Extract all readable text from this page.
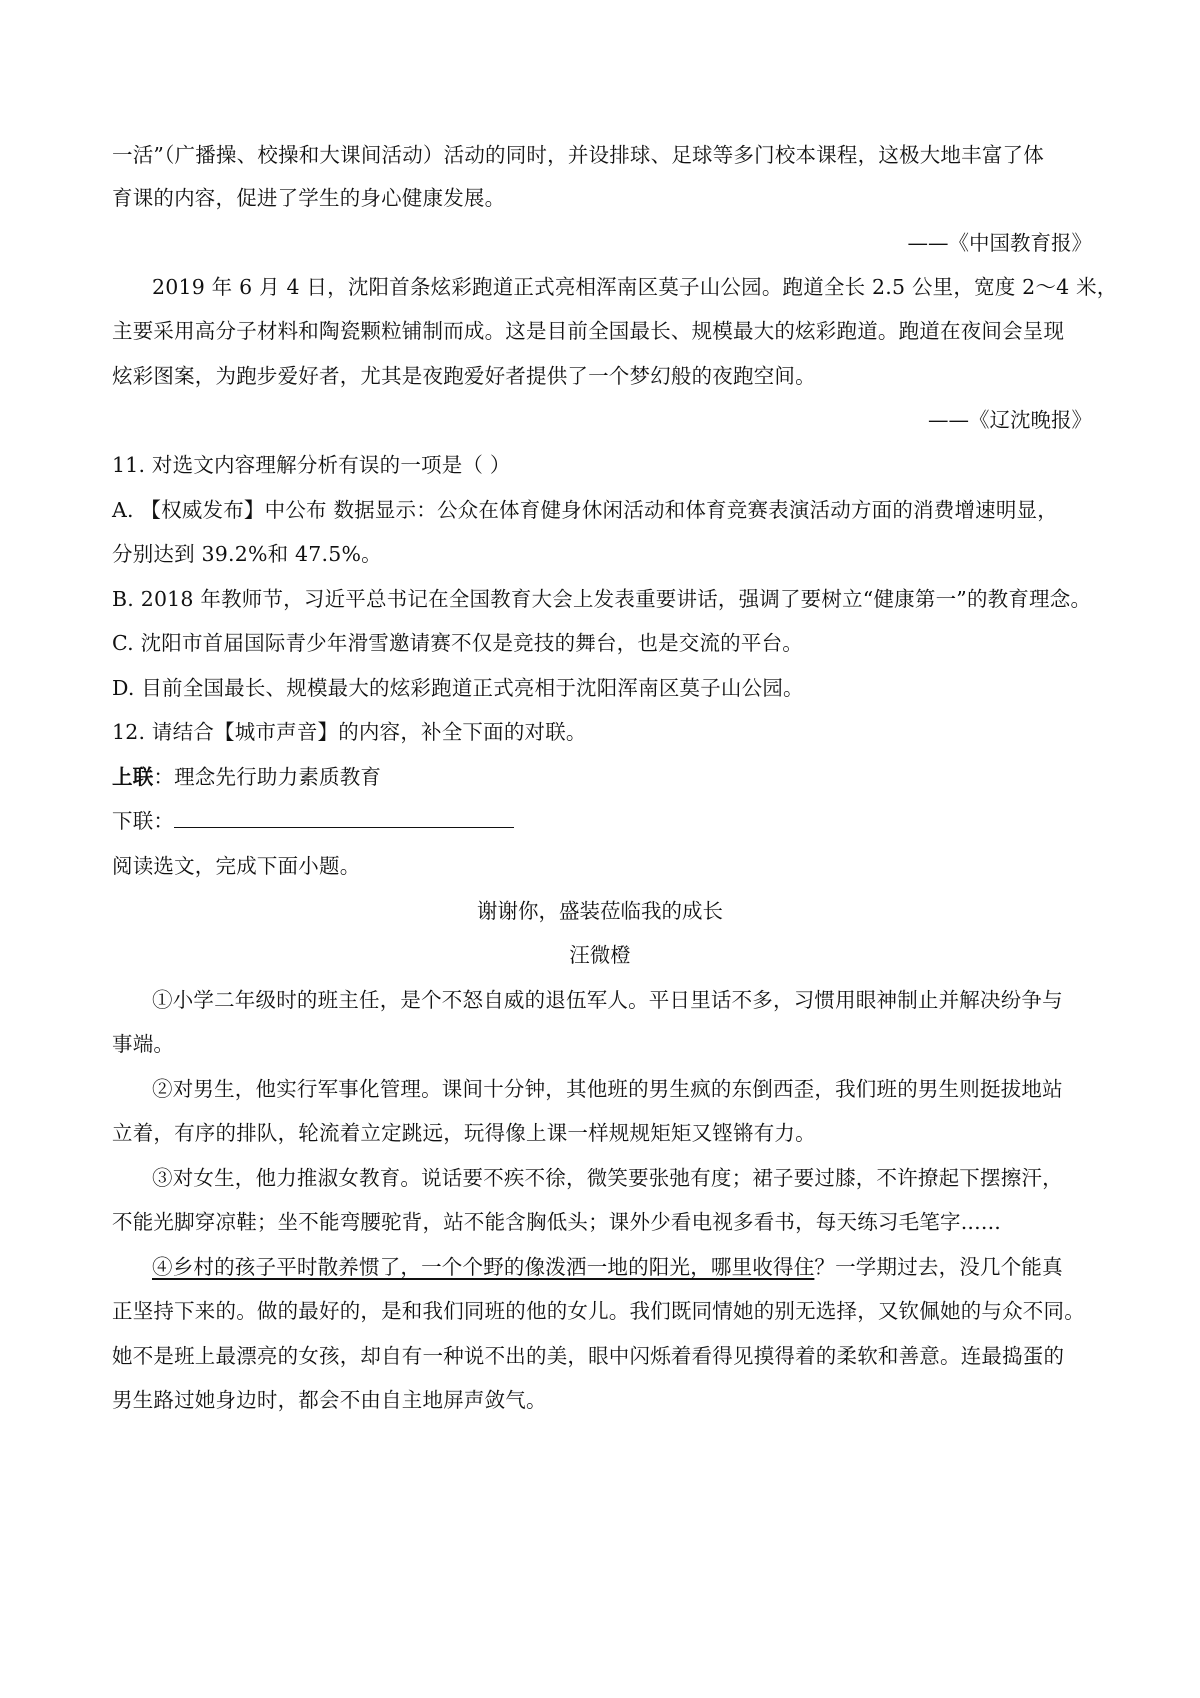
一活”（广播操、校操和大课间活动）活动的同时，并设排球、足球等多门校本课程，这极大地丰富了体
育课的内容，促进了学生的身心健康发展。
——《中国教育报》
2019 年 6 月 4 日，沈阳首条炫彩跑道正式亮相浑南区莫子山公园。跑道全长 2.5 公里，宽度 2～4 米，
主要采用高分子材料和陶瓷颗粒铺制而成。这是目前全国最长、规模最大的炫彩跑道。跑道在夜间会呈现
炫彩图案，为跑步爱好者，尤其是夜跑爱好者提供了一个梦幻般的夜跑空间。
——《辽沈晚报》
11. 对选文内容理解分析有误的一项是（ ）
A. 【权威发布】中公布 数据显示：公众在体育健身休闲活动和体育竞赛表演活动方面的消费增速明显，
分别达到 39.2%和 47.5%。
B. 2018 年教师节，习近平总书记在全国教育大会上发表重要讲话，强调了要树立“健康第一”的教育理念。
C. 沈阳市首届国际青少年滑雪邀请赛不仅是竞技的舞台，也是交流的平台。
D. 目前全国最长、规模最大的炫彩跑道正式亮相于沈阳浑南区莫子山公园。
12. 请结合【城市声音】的内容，补全下面的对联。
上联：理念先行助力素质教育
下联：
阅读选文，完成下面小题。
谢谢你，盛装莅临我的成长
汪微橙
①小学二年级时的班主任，是个不怒自威的退伍军人。平日里话不多，习惯用眼神制止并解决纷争与
事端。
②对男生，他实行军事化管理。课间十分钟，其他班的男生疯的东倒西歪，我们班的男生则挺拔地站
立着，有序的排队，轮流着立定跳远，玩得像上课一样规规矩矩又铿锵有力。
③对女生，他力推淑女教育。说话要不疾不徐，微笑要张弛有度；裙子要过膝，不许撩起下摆擦汗，
不能光脚穿凉鞋；坐不能弯腰驼背，站不能含胸低头；课外少看电视多看书，每天练习毛笔字......
④乡村的孩子平时散养惯了，一个个野的像泼洒一地的阳光，哪里收得住？一学期过去，没几个能真
正坚持下来的。做的最好的，是和我们同班的他的女儿。我们既同情她的别无选择，又钦佩她的与众不同。
她不是班上最漂亮的女孩，却自有一种说不出的美，眼中闪烁着看得见摸得着的柔软和善意。连最捣蛋的
男生路过她身边时，都会不由自主地屏声敛气。
